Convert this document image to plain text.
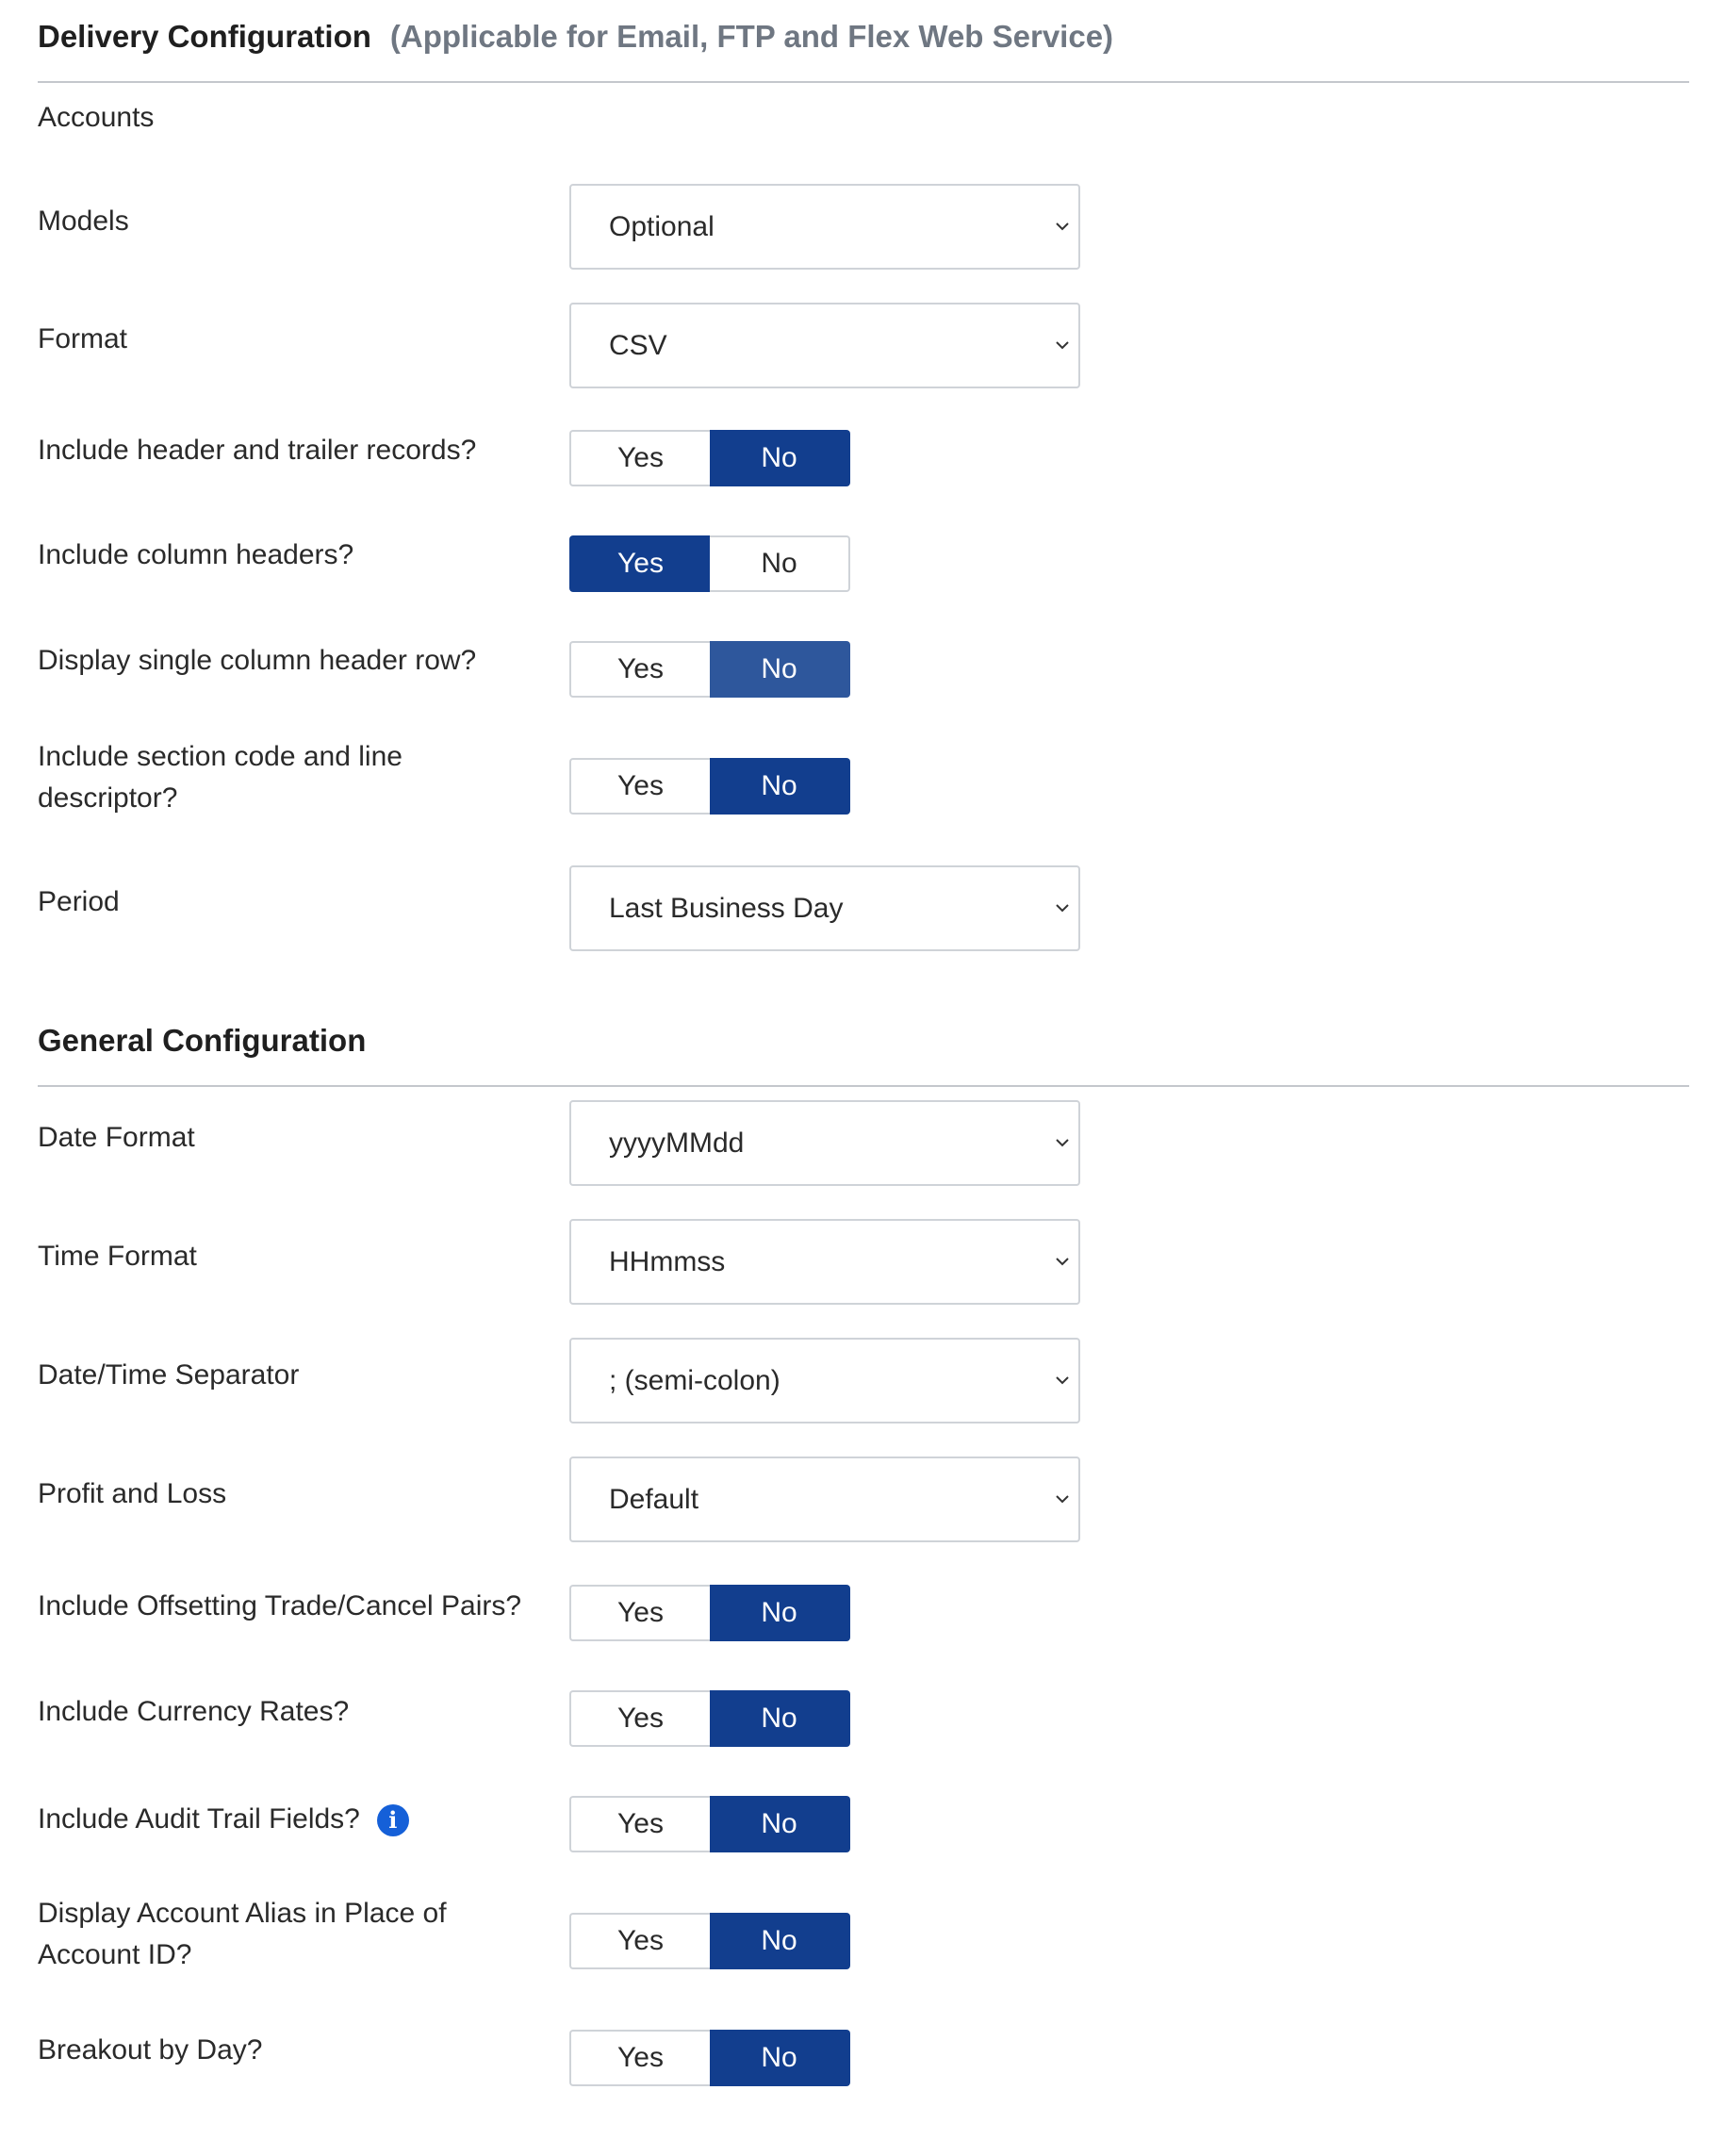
Delivery Configuration (Applicable for Email, FTP and Flex Web Service)
Accounts
Models	Optional
Format	CSV
Include header and trailer records?	Yes	No
Include column headers?	Yes	No
Display single column header row?	Yes	No
Include section code and line
descriptor?	Yes	No
Period	Last Business Day
General Configuration
Date Format	yyyyMMdd
Time Format	HHmmss
Date/Time Separator	; (semi-colon)
Profit and Loss	Default
Include Offsetting Trade/Cancel Pairs?	Yes	No
Include Currency Rates?	Yes	No
Include Audit Trail Fields? i	Yes	No
Display Account Alias in Place of
Account ID?	Yes	No
Breakout by Day?	Yes	No
